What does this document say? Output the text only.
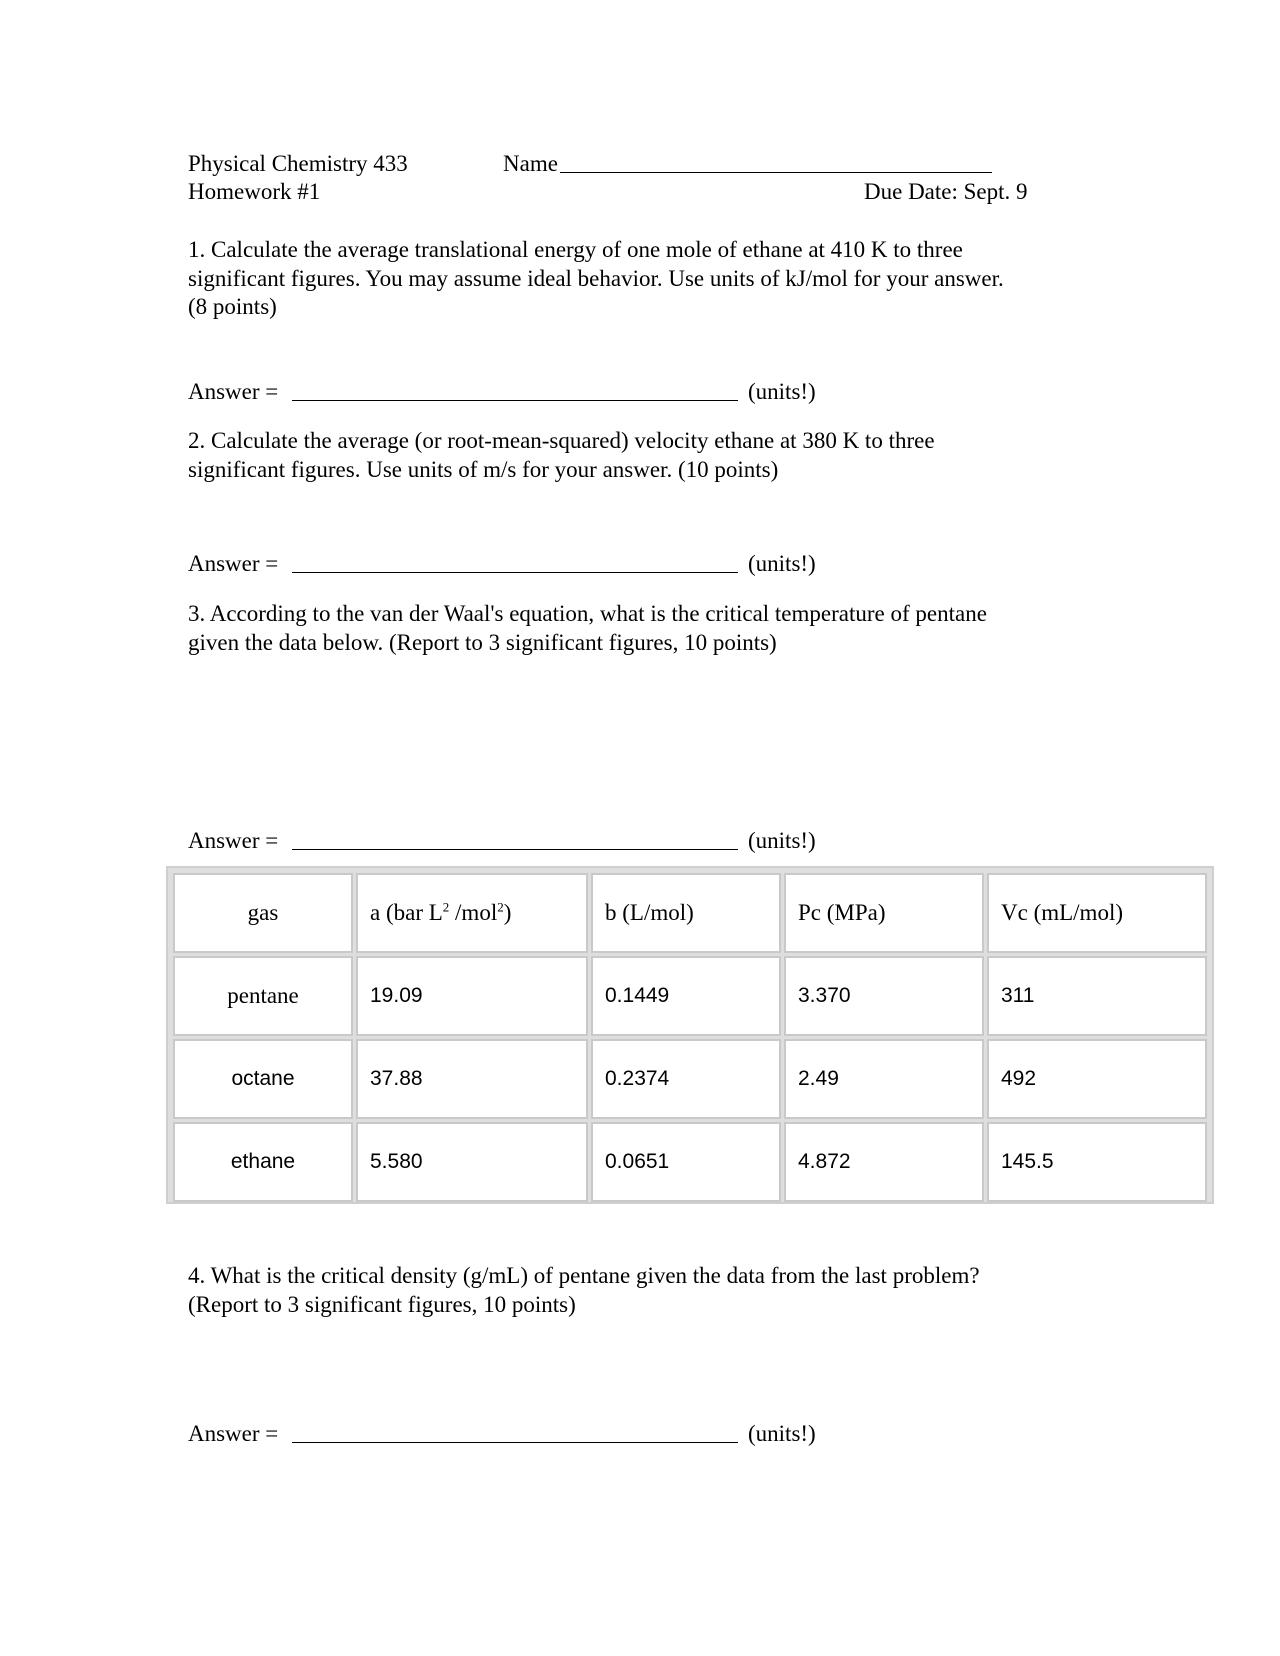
Physical Chemistry 433	Name
Homework #1	Due Date: Sept. 9
1. Calculate the average translational energy of one mole of ethane at 410 K to three
significant figures. You may assume ideal behavior. Use units of kJ/mol for your answer.
(8 points)
Answer =	(units!)
2. Calculate the average (or root-mean-squared) velocity ethane at 380 K to three
significant figures. Use units of m/s for your answer. (10 points)
Answer =	(units!)
3. According to the van der Waal's equation, what is the critical temperature of pentane
given the data below. (Report to 3 significant figures, 10 points)
Answer =	(units!)
gas	a (bar $L^2$ /mol$^2$)	b (L/mol)	Pc (MPa)	Vc (mL/mol)
pentane	19.09	0.1449	3.370	311
octane	37.88	0.2374	2.49	492
ethane	5.580	0.0651	4.872	145.5
4. What is the critical density (g/mL) of pentane given the data from the last problem?
(Report to 3 significant figures, 10 points)
Answer =	(units!)
